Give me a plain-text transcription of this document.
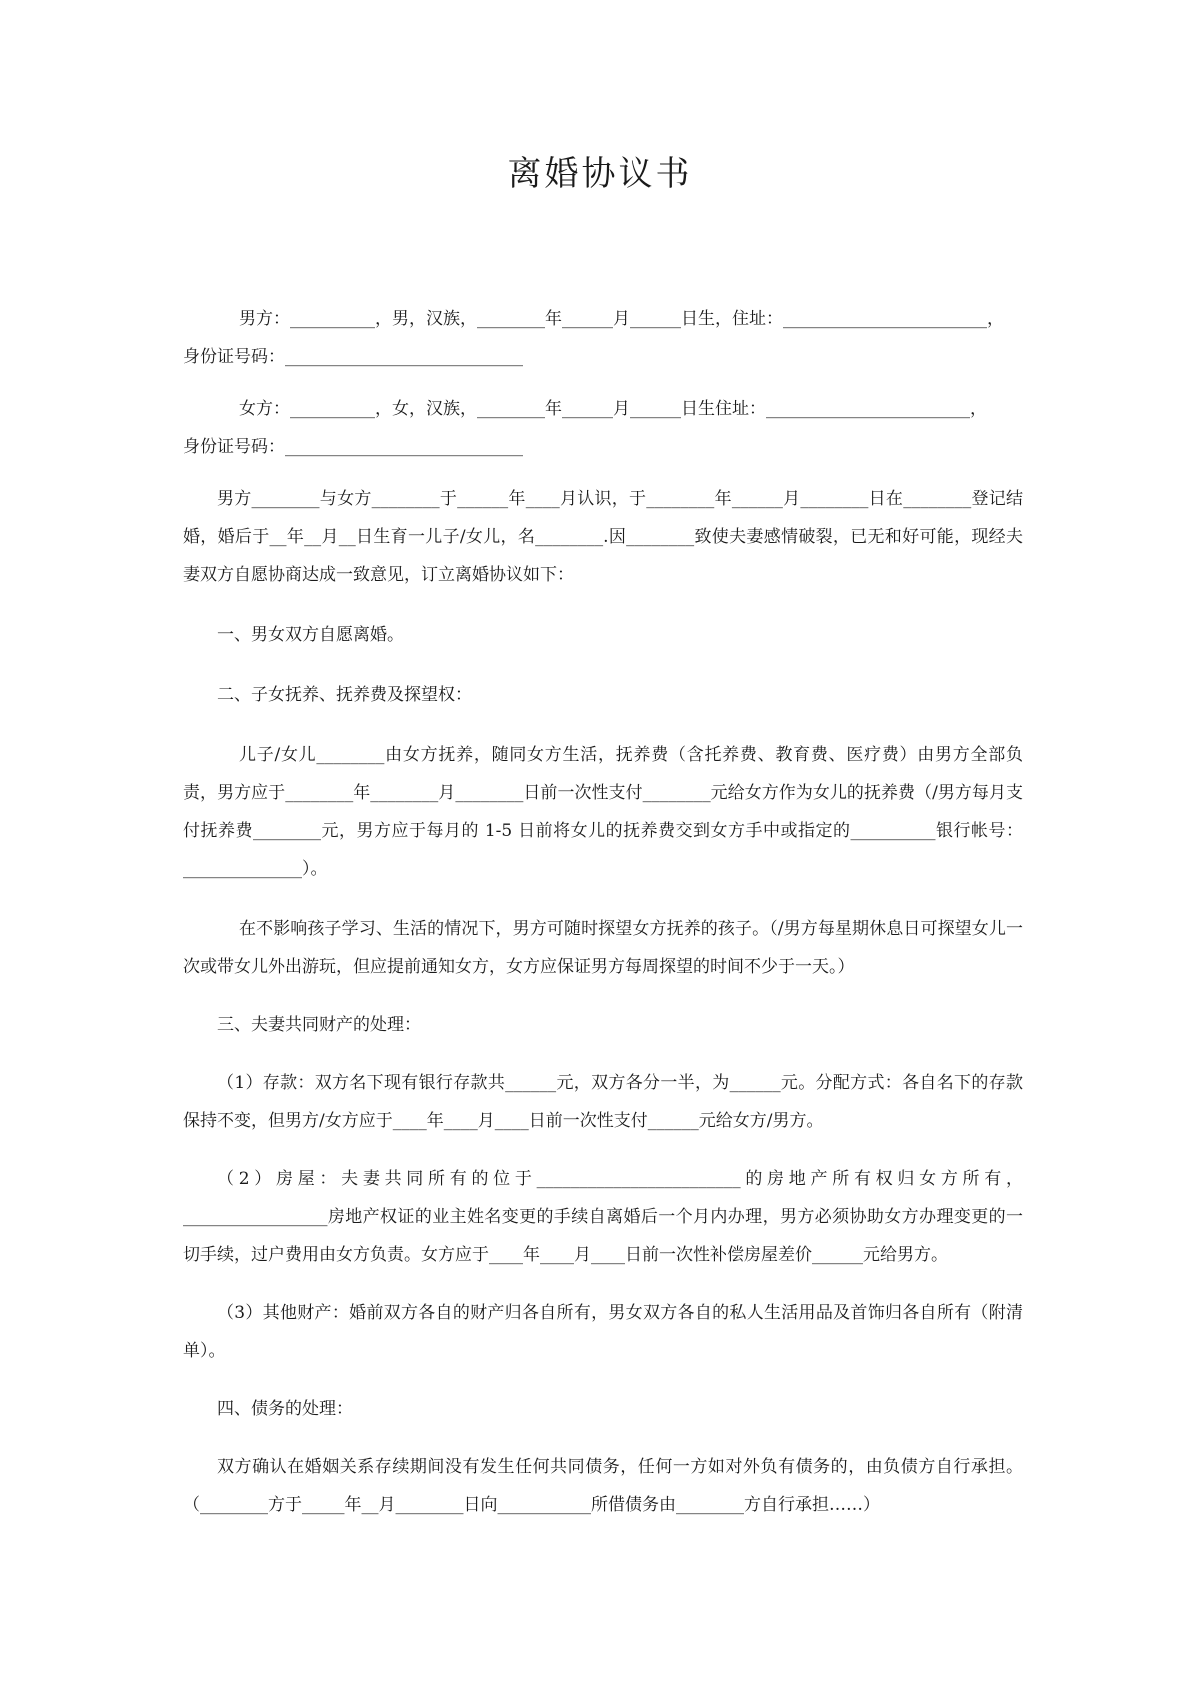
离婚协议书

男方：__________，男，汉族，________年______月______日生，住址：________________________，

身份证号码：____________________________

女方：__________，女，汉族，________年______月______日生住址：________________________，

身份证号码：____________________________

男方________与女方________于______年____月认识，于________年______月________日在________登记结婚，婚后于__年__月__日生育一儿子/女儿，名________.因________致使夫妻感情破裂，已无和好可能，现经夫妻双方自愿协商达成一致意见，订立离婚协议如下：

一、男女双方自愿离婚。

二、子女抚养、抚养费及探望权：

儿子/女儿________由女方抚养，随同女方生活，抚养费（含托养费、教育费、医疗费）由男方全部负责，男方应于________年________月________日前一次性支付________元给女方作为女儿的抚养费（/男方每月支付抚养费________元，男方应于每月的 1-5 日前将女儿的抚养费交到女方手中或指定的__________银行帐号：______________）。

在不影响孩子学习、生活的情况下，男方可随时探望女方抚养的孩子。（/男方每星期休息日可探望女儿一次或带女儿外出游玩，但应提前通知女方，女方应保证男方每周探望的时间不少于一天。）

三、夫妻共同财产的处理：

（1）存款：双方名下现有银行存款共______元，双方各分一半，为______元。分配方式：各自名下的存款保持不变，但男方/女方应于____年____月____日前一次性支付______元给女方/男方。

（2）房屋：夫妻共同所有的位于________________________的房地产所有权归女方所有，_________________房地产权证的业主姓名变更的手续自离婚后一个月内办理，男方必须协助女方办理变更的一切手续，过户费用由女方负责。女方应于____年____月____日前一次性补偿房屋差价______元给男方。

（3）其他财产：婚前双方各自的财产归各自所有，男女双方各自的私人生活用品及首饰归各自所有（附清单）。

四、债务的处理：

双方确认在婚姻关系存续期间没有发生任何共同债务，任何一方如对外负有债务的，由负债方自行承担。（________方于_____年__月________日向___________所借债务由________方自行承担……）
